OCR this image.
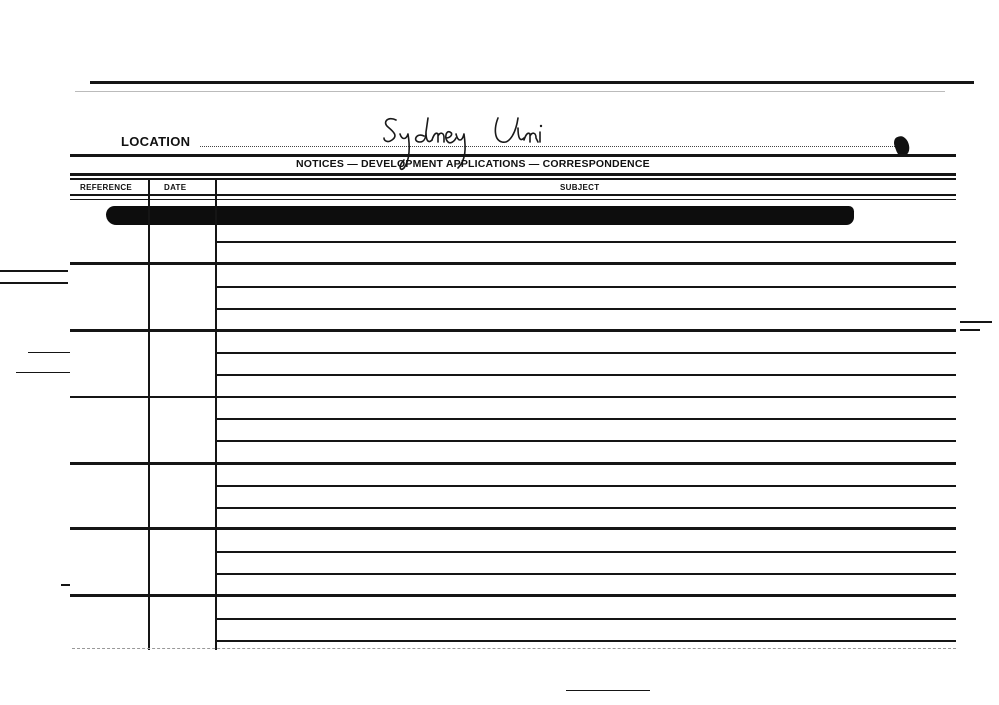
LOCATION
NOTICES — DEVELOPMENT APPLICATIONS — CORRESPONDENCE
REFERENCE	DATE	SUBJECT
